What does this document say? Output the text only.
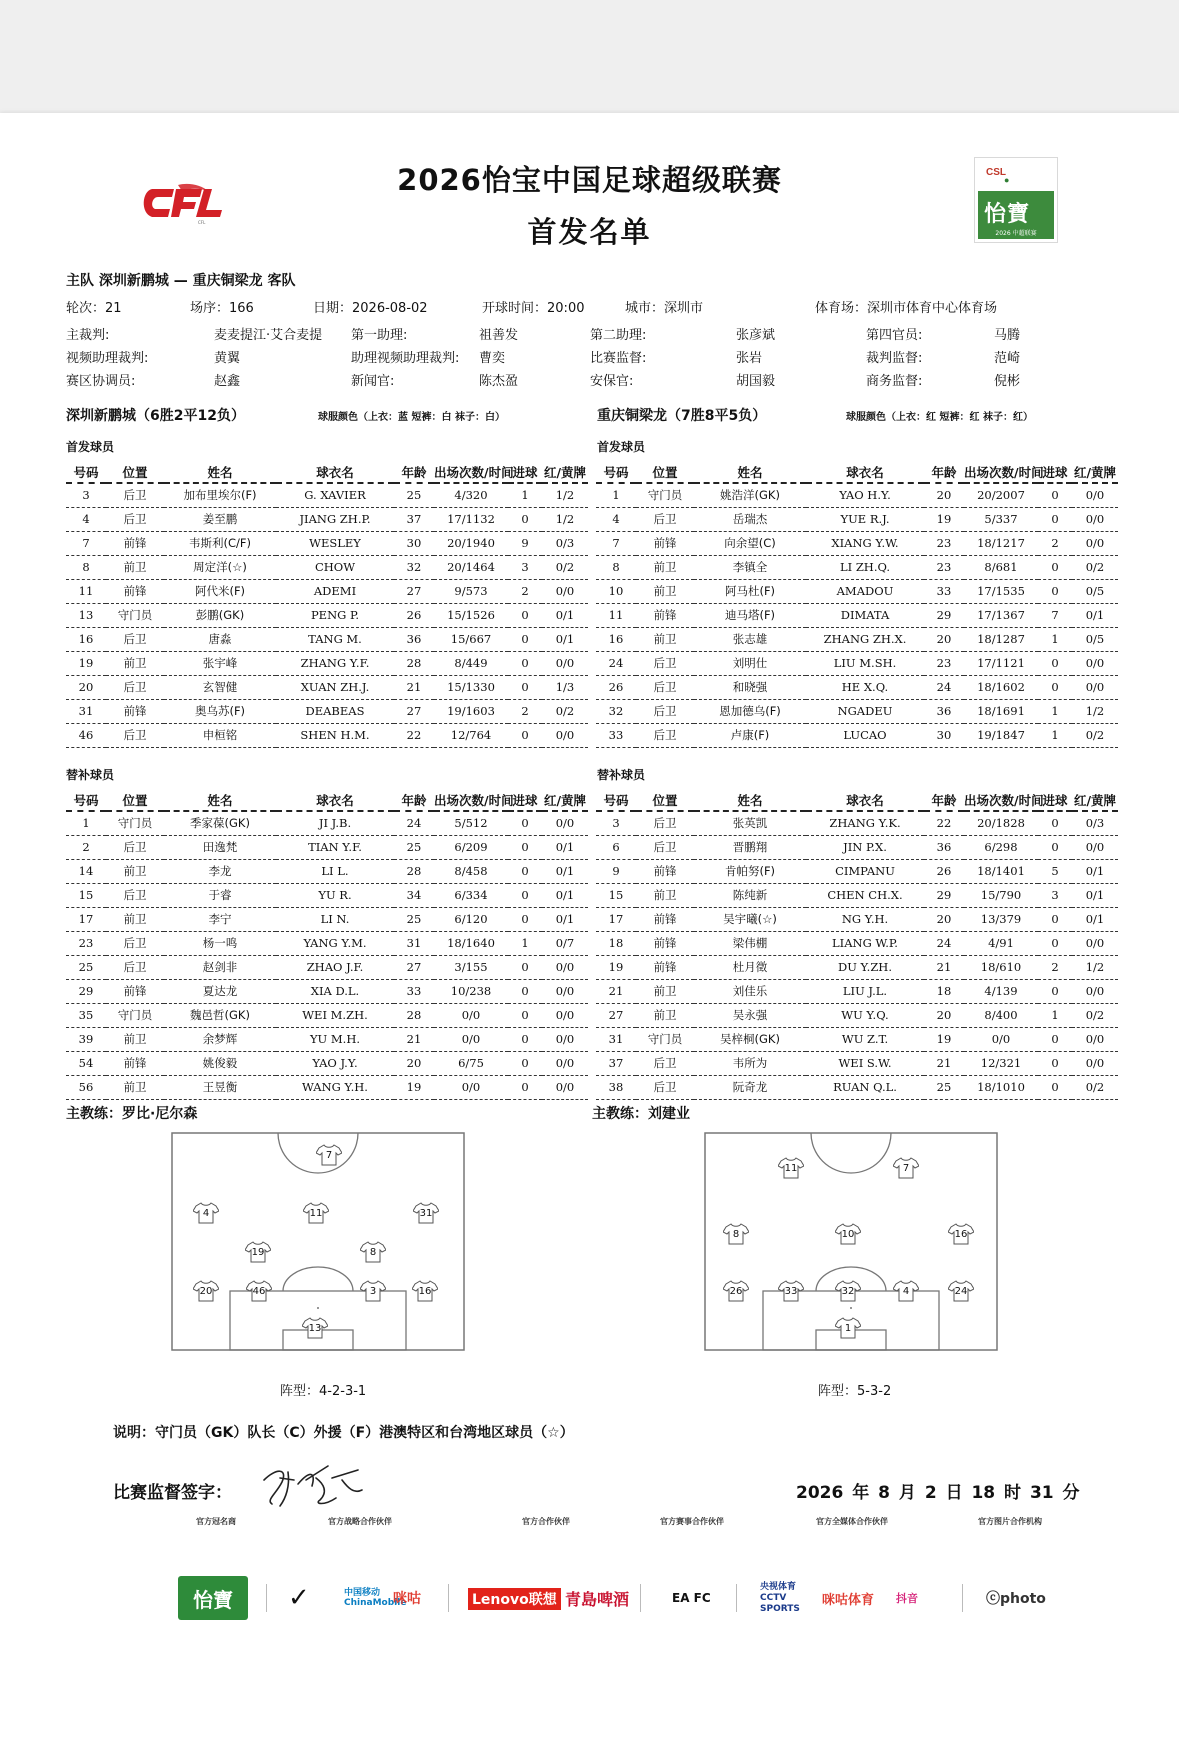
CFL
CSL
●
怡寶
2026 中超联赛
2026怡宝中国足球超级联赛
首发名单
主队 深圳新鹏城 — 重庆铜梁龙 客队
轮次：21	场序：166	日期：2026-08-02	开球时间：20:00	城市：深圳市	体育场：深圳市体育中心体育场
主裁判:	麦麦提江·艾合麦提 第一助理:	祖善发	第二助理:	张彦斌	第四官员:	马腾
视频助理裁判:	黄翼	助理视频助理裁判: 曹奕	比赛监督:	张岩	裁判监督:	范崎
赛区协调员:	赵鑫	新闻官:	陈杰盈	安保官:	胡国毅	商务监督:	倪彬
深圳新鹏城（6胜2平12负）	球服颜色（上衣：蓝 短裤：白 袜子：白）	重庆铜梁龙（7胜8平5负）	球服颜色（上衣：红 短裤：红 袜子：红）
首发球员	首发球员
替补球员	替补球员
号码	位置	姓名	球衣名	年龄	出场次数/时间	进球	红/黄牌
3	后卫	加布里埃尔(F)	G. XAVIER	25	4/320	1	1/2
4	后卫	姜至鹏	JIANG ZH.P.	37	17/1132	0	1/2
7	前锋	韦斯利(C/F)	WESLEY	30	20/1940	9	0/3
8	前卫	周定洋(☆)	CHOW	32	20/1464	3	0/2
11	前锋	阿代米(F)	ADEMI	27	9/573	2	0/0
13	守门员	彭鹏(GK)	PENG P.	26	15/1526	0	0/1
16	后卫	唐淼	TANG M.	36	15/667	0	0/1
19	前卫	张宇峰	ZHANG Y.F.	28	8/449	0	0/0
20	后卫	玄智健	XUAN ZH.J.	21	15/1330	0	1/3
31	前锋	奥乌苏(F)	DEABEAS	27	19/1603	2	0/2
46	后卫	申桓铭	SHEN H.M.	22	12/764	0	0/0
号码	位置	姓名	球衣名	年龄	出场次数/时间	进球	红/黄牌
1	守门员	姚浩洋(GK)	YAO H.Y.	20	20/2007	0	0/0
4	后卫	岳瑞杰	YUE R.J.	19	5/337	0	0/0
7	前锋	向余望(C)	XIANG Y.W.	23	18/1217	2	0/0
8	前卫	李镇全	LI ZH.Q.	23	8/681	0	0/2
10	前卫	阿马杜(F)	AMADOU	33	17/1535	0	0/5
11	前锋	迪马塔(F)	DIMATA	29	17/1367	7	0/1
16	前卫	张志雄	ZHANG ZH.X.	20	18/1287	1	0/5
24	后卫	刘明仕	LIU M.SH.	23	17/1121	0	0/0
26	后卫	和晓强	HE X.Q.	24	18/1602	0	0/0
32	后卫	恩加德乌(F)	NGADEU	36	18/1691	1	1/2
33	后卫	卢康(F)	LUCAO	30	19/1847	1	0/2
号码	位置	姓名	球衣名	年龄	出场次数/时间	进球	红/黄牌
1	守门员	季家葆(GK)	JI J.B.	24	5/512	0	0/0
2	后卫	田逸梵	TIAN Y.F.	25	6/209	0	0/1
14	前卫	李龙	LI L.	28	8/458	0	0/1
15	后卫	于睿	YU R.	34	6/334	0	0/1
17	前卫	李宁	LI N.	25	6/120	0	0/1
23	后卫	杨一鸣	YANG Y.M.	31	18/1640	1	0/7
25	后卫	赵剑非	ZHAO J.F.	27	3/155	0	0/0
29	前锋	夏达龙	XIA D.L.	33	10/238	0	0/0
35	守门员	魏邑哲(GK)	WEI M.ZH.	28	0/0	0	0/0
39	前卫	余梦辉	YU M.H.	21	0/0	0	0/0
54	前锋	姚俊毅	YAO J.Y.	20	6/75	0	0/0
56	前卫	王昱衡	WANG Y.H.	19	0/0	0	0/0
号码	位置	姓名	球衣名	年龄	出场次数/时间	进球	红/黄牌
3	后卫	张英凯	ZHANG Y.K.	22	20/1828	0	0/3
6	后卫	晋鹏翔	JIN P.X.	36	6/298	0	0/0
9	前锋	肯帕努(F)	CIMPANU	26	18/1401	5	0/1
15	前卫	陈纯新	CHEN CH.X.	29	15/790	3	0/1
17	前锋	吴宇曦(☆)	NG Y.H.	20	13/379	0	0/1
18	前锋	梁伟棚	LIANG W.P.	24	4/91	0	0/0
19	前锋	杜月徵	DU Y.ZH.	21	18/610	2	1/2
21	前卫	刘佳乐	LIU J.L.	18	4/139	0	0/0
27	前卫	吴永强	WU Y.Q.	20	8/400	1	0/2
31	守门员	吴梓桐(GK)	WU Z.T.	19	0/0	0	0/0
37	后卫	韦所为	WEI S.W.	21	12/321	0	0/0
38	后卫	阮奇龙	RUAN Q.L.	25	18/1010	0	0/2
主教练：罗比·尼尔森	主教练：刘建业
7
4	11	31
19	8
20	46	3	16
13
11	7
8	10	16
26	33	32	4	24
1
阵型：4-2-3-1	阵型：5-3-2
说明：守门员（GK）队长（C）外援（F）港澳特区和台湾地区球员（☆）
比赛监督签字：	2026 年 8 月 2 日 18 时 31 分
官方冠名商	官方战略合作伙伴	官方合作伙伴	官方赛事合作伙伴	官方全媒体合作伙伴	官方图片合作机构
怡寶	✓	中国移动 ChinaMobile
咪咕	Lenovo联想 青島啤酒	EA FC
央视体育 CCTV SPORTS
咪咕体育 抖音	ⓒphoto
